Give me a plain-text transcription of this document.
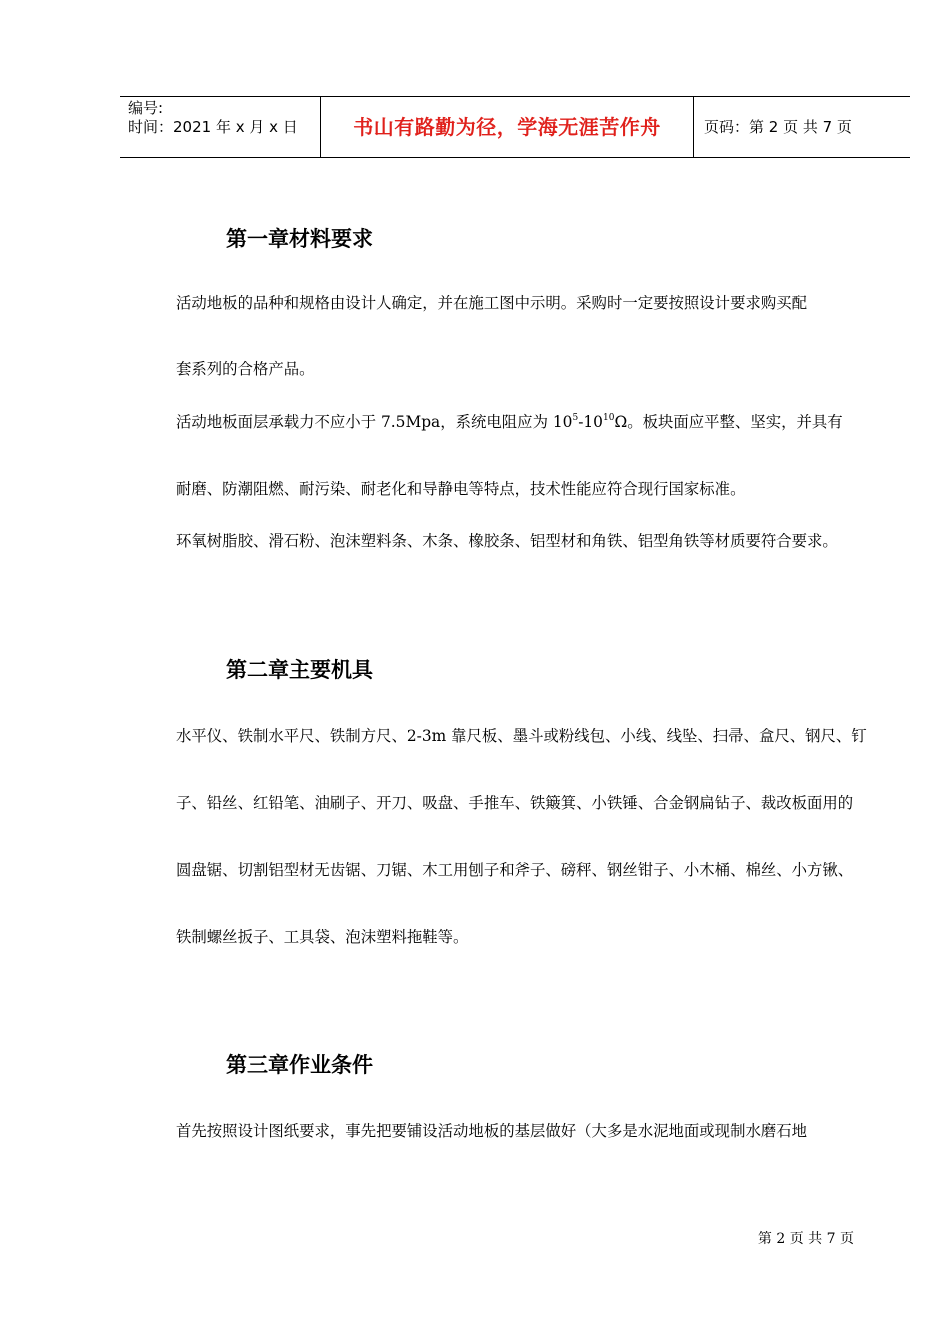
编号:
时间：2021 年 x 月 x 日	书山有路勤为径，学海无涯苦作舟	页码：第 2 页 共 7 页
第一章材料要求
活动地板的品种和规格由设计人确定，并在施工图中示明。采购时一定要按照设计要求购买配
套系列的合格产品。
活动地板面层承载力不应小于 7.5Mpa，系统电阻应为 $10^5-10^{10}\Omega$。板块面应平整、坚实，并具有
耐磨、防潮阻燃、耐污染、耐老化和导静电等特点，技术性能应符合现行国家标准。
环氧树脂胶、滑石粉、泡沫塑料条、木条、橡胶条、铝型材和角铁、铝型角铁等材质要符合要求。
第二章主要机具
水平仪、铁制水平尺、铁制方尺、2-3m 靠尺板、墨斗或粉线包、小线、线坠、扫帚、盒尺、钢尺、钉
子、铅丝、红铅笔、油刷子、开刀、吸盘、手推车、铁簸箕、小铁锤、合金钢扁钻子、裁改板面用的
圆盘锯、切割铝型材无齿锯、刀锯、木工用刨子和斧子、磅秤、钢丝钳子、小木桶、棉丝、小方锹、
铁制螺丝扳子、工具袋、泡沫塑料拖鞋等。
第三章作业条件
首先按照设计图纸要求，事先把要铺设活动地板的基层做好（大多是水泥地面或现制水磨石地
第 2 页 共 7 页
